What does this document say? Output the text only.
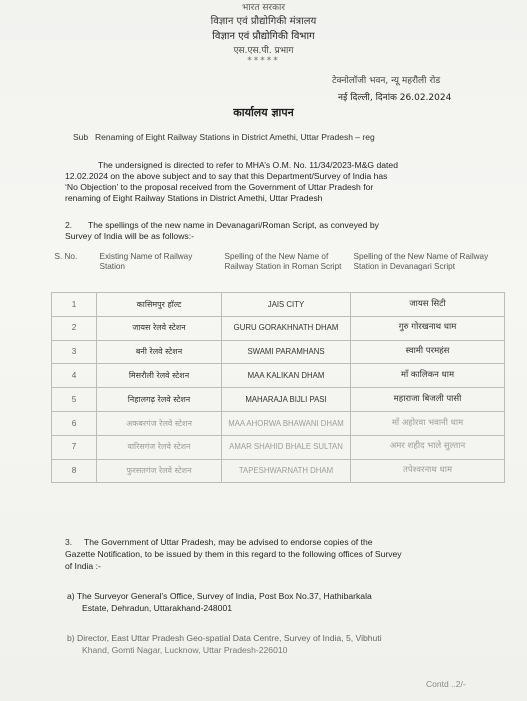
भारत सरकार
विज्ञान एवं प्रौद्योगिकी मंत्रालय
विज्ञान एवं प्रौद्योगिकी विभाग
एस.एस.पी. प्रभाग
*****
टेक्नोलॉजी भवन, न्यू महरौली रोड
नई दिल्ली, दिनांक 26.02.2024
कार्यालय ज्ञापन
Sub Renaming of Eight Railway Stations in District Amethi, Uttar Pradesh – reg
The undersigned is directed to refer to MHA’s O.M. No. 11/34/2023-M&G dated
12.02.2024 on the above subject and to say that this Department/Survey of India has
‘No Objection’ to the proposal received from the Government of Uttar Pradesh for
renaming of Eight Railway Stations in District Amethi, Uttar Pradesh
2. The spellings of the new name in Devanagari/Roman Script, as conveyed by
Survey of India will be as follows:-
S. No.	Existing Name of Railway Station	Spelling of the New Name of Railway Station in Roman Script	Spelling of the New Name of Railway Station in Devanagari Script
1	कासिमपुर हॉल्ट	JAIS CITY	जायस सिटी
2	जायस रेलवे स्टेशन	GURU GORAKHNATH DHAM	गुरु गोरखनाथ धाम
3	बनी रेलवे स्टेशन	SWAMI PARAMHANS	स्वामी परमहंस
4	मिसरौली रेलवे स्टेशन	MAA KALIKAN DHAM	माँ कालिकन धाम
5	निहालगढ़ रेलवे स्टेशन	MAHARAJA BIJLI PASI	महाराजा बिजली पासी
6	अकबरगंज रेलवे स्टेशन	MAA AHORWA BHAWANI DHAM	माँ अहोरवा भवानी धाम
7	वारिसगंज रेलवे स्टेशन	AMAR SHAHID BHALE SULTAN	अमर शहीद भाले सुल्तान
8	फुरसतगंज रेलवे स्टेशन	TAPESHWARNATH DHAM	तपेश्वरनाथ धाम
3. The Government of Uttar Pradesh, may be advised to endorse copies of the
Gazette Notification, to be issued by them in this regard to the following offices of Survey
of India :-
a) The Surveyor General’s Office, Survey of India, Post Box No.37, Hathibarkala
Estate, Dehradun, Uttarakhand-248001
b) Director, East Uttar Pradesh Geo-spatial Data Centre, Survey of India, 5, Vibhuti
Khand, Gomti Nagar, Lucknow, Uttar Pradesh-226010
Contd ..2/-
